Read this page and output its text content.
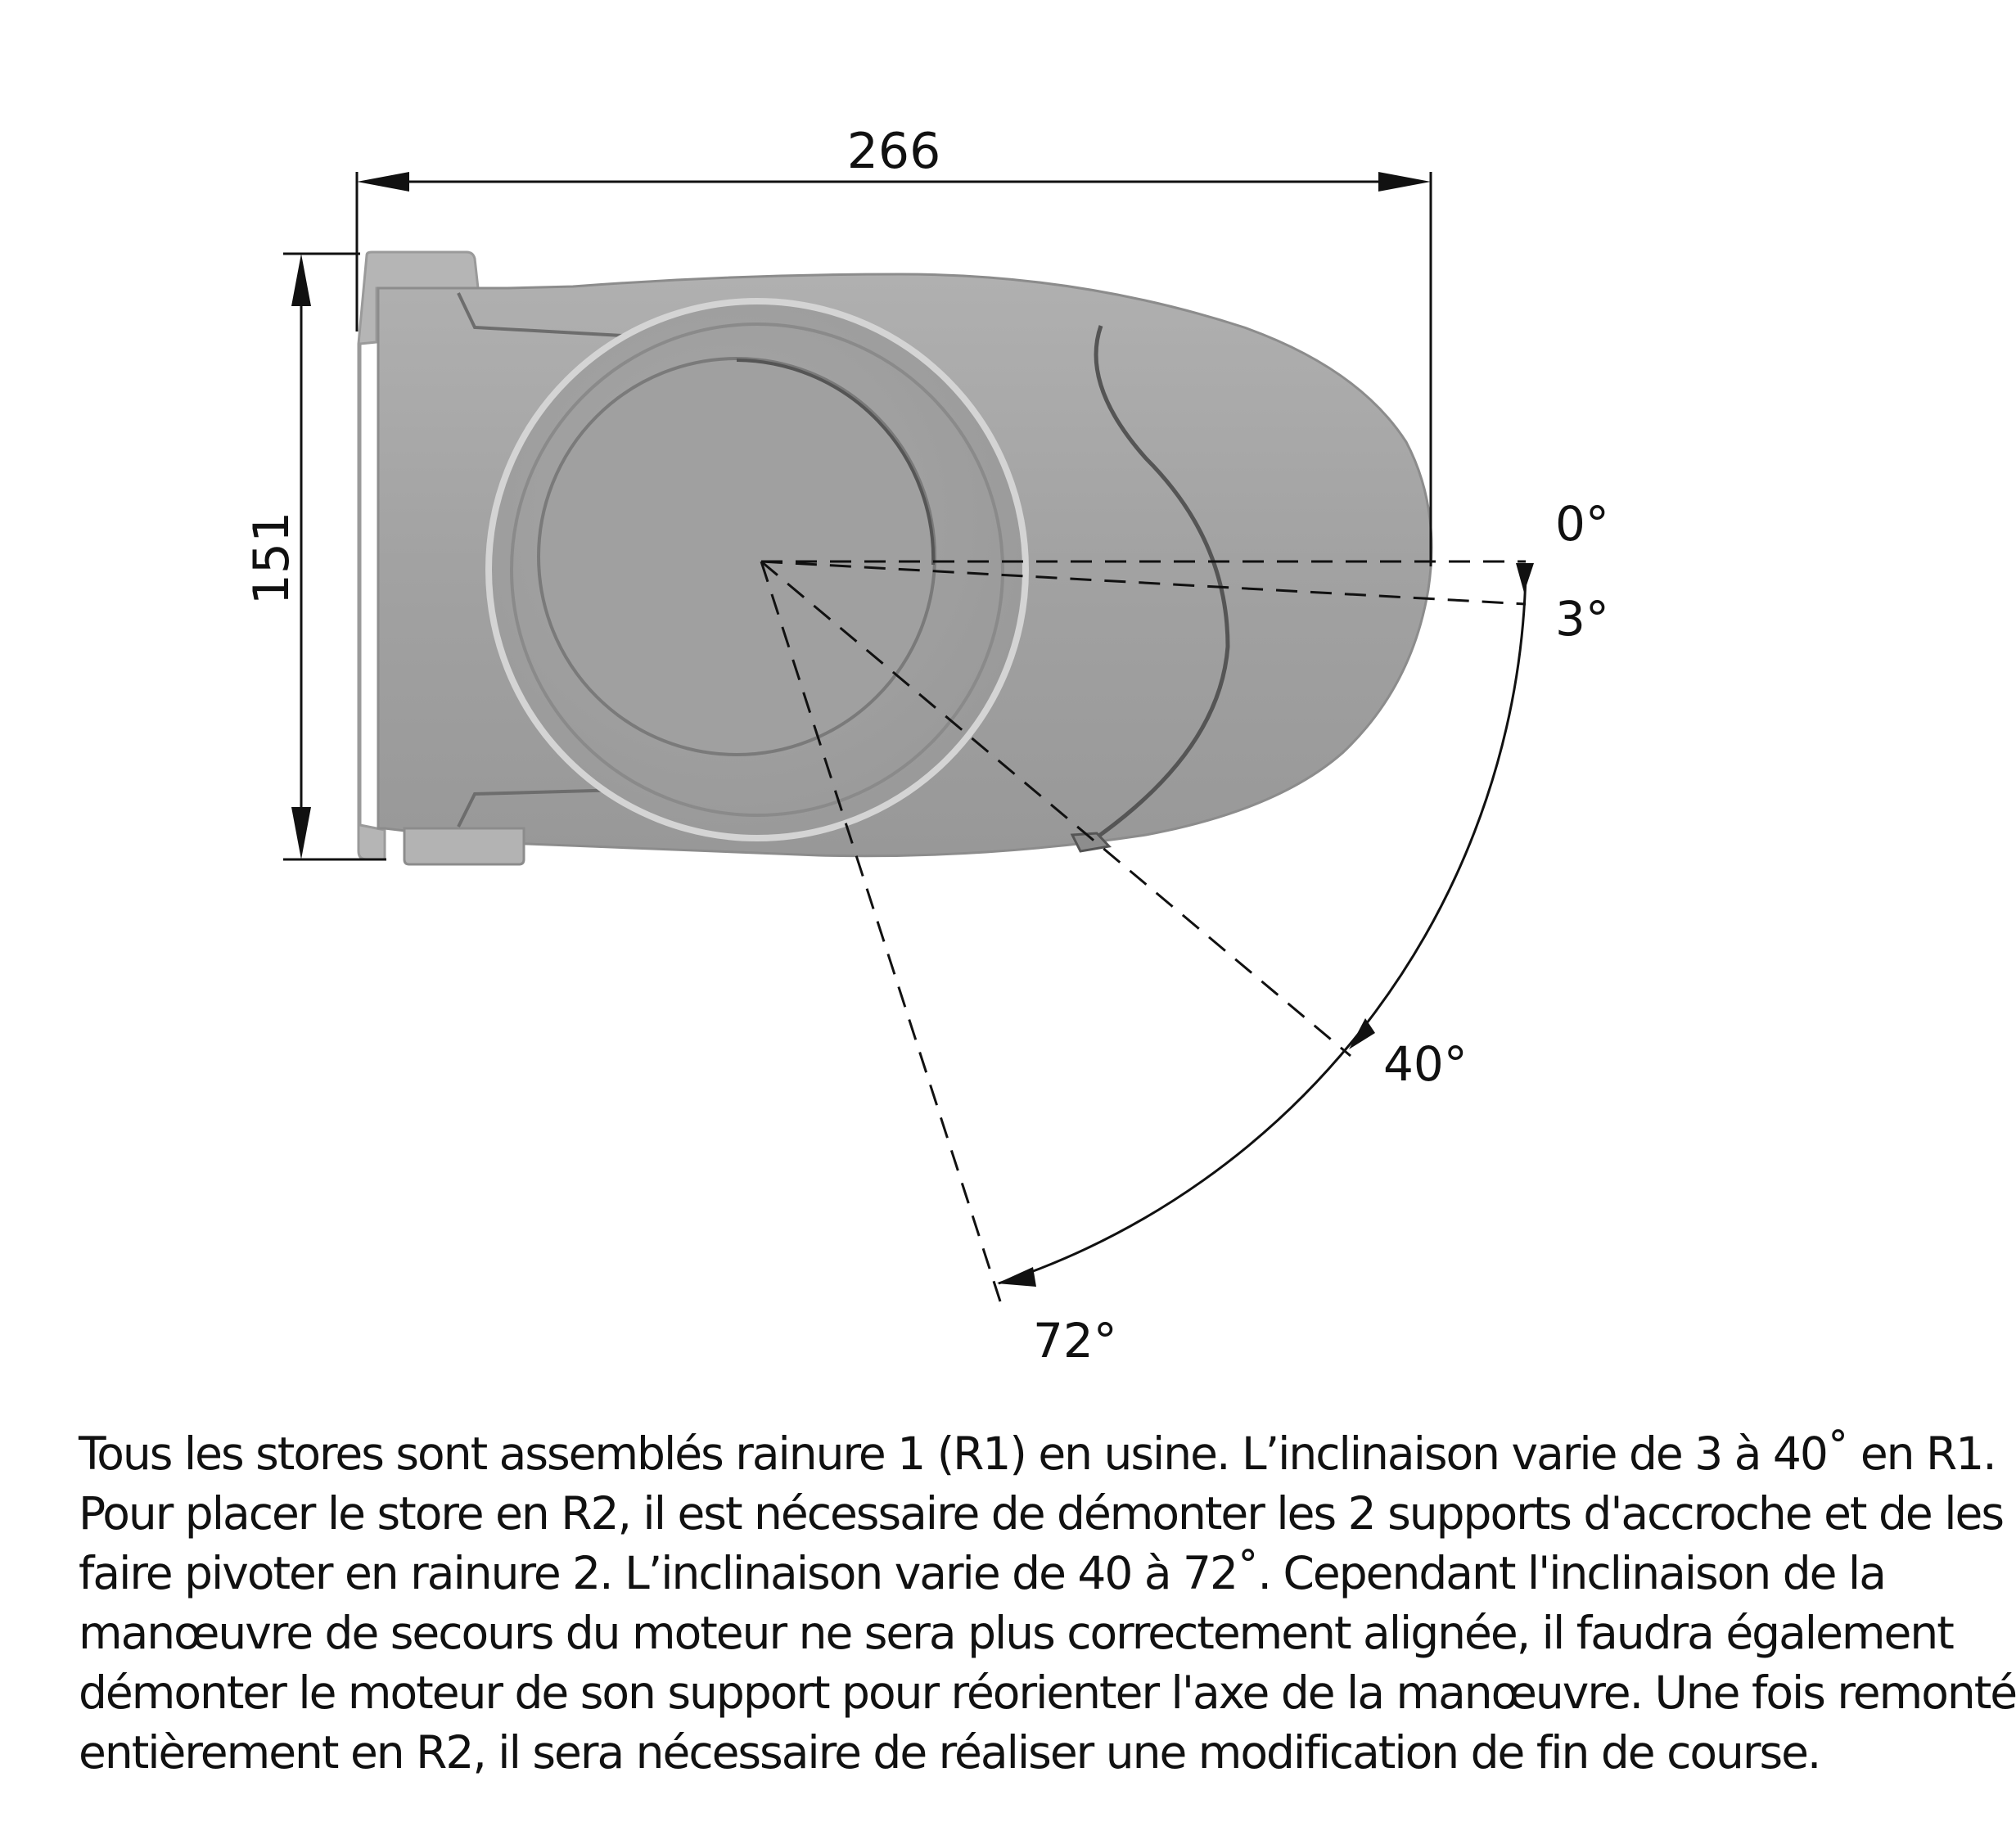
266
151	0°
3°
40°
72°

Tous les stores sont assemblés rainure 1 (R1) en usine. L’inclinaison varie de 3 à 40˚ en R1.

Pour placer le store en R2, il est nécessaire de démonter les 2 supports d'accroche et de les

faire pivoter en rainure 2. L’inclinaison varie de 40 à 72˚. Cependant l'inclinaison de la

manœuvre de secours du moteur ne sera plus correctement alignée, il faudra également

démonter le moteur de son support pour réorienter l'axe de la manœuvre. Une fois remonté

entièrement en R2, il sera nécessaire de réaliser une modification de fin de course.
